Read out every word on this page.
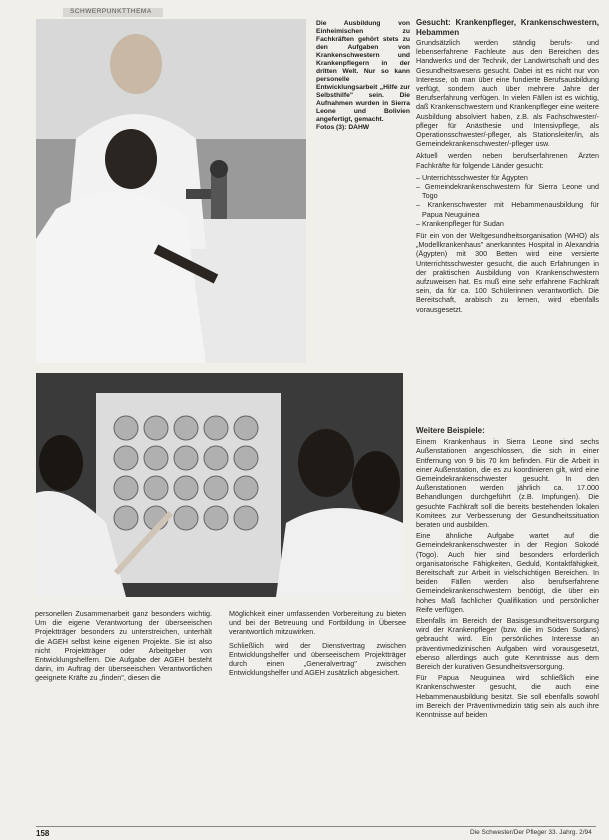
SCHWERPUNKTTHEMA
Die Ausbildung von Einheimischen zu Fachkräften gehört stets zu den Aufgaben von Krankenschwestern und Krankenpflegern in der dritten Welt. Nur so kann personelle Entwicklungsarbeit „Hilfe zur Selbsthilfe" sein. Die Aufnahmen wurden in Sierra Leone und Bolivien angefertigt, gemacht.
Fotos (3): DAHW
Gesucht: Krankenpfleger, Krankenschwestern, Hebammen

Grundsätzlich werden ständig berufs- und lebenserfahrene Fachleute aus den Bereichen des Handwerks und der Technik, der Landwirtschaft und des Gesundheitswesens gesucht. Dabei ist es nicht nur von Interesse, ob man über eine fundierte Berufsausbildung verfügt, sondern auch über mehrere Jahre der Berufserfahrung verfügen. In vielen Fällen ist es wichtig, daß Krankenschwestern und Krankenpfleger eine weitere Ausbildung absolviert haben, z.B. als Fachschwester/-pfleger für Anästhesie und Intensivpflege, als Operationsschwester/-pfleger, als Stationsleiter/in, als Gemeindekrankenschwester/-pfleger usw.

Aktuell werden neben berufserfahrenen Ärzten Fachkräfte für folgende Länder gesucht:

– Unterrichtsschwester für Ägypten
– Gemeindekrankenschwestern für Sierra Leone und Togo
– Krankenschwester mit Hebammenausbildung für Papua Neuguinea
– Krankenpfleger für Sudan

Für ein von der Weltgesundheitsorganisation (WHO) als „Modellkrankenhaus" anerkanntes Hospital in Alexandria (Ägypten) mit 300 Betten wird eine versierte Unterrichtsschwester gesucht, die auch Erfahrungen in der praktischen Ausbildung von Krankenschwestern aufzuweisen hat. Es muß eine sehr erfahrene Fachkraft sein, da für ca. 100 Schülerinnen verantwortlich. Die Bereitschaft, arabisch zu lernen, wird ebenfalls vorausgesetzt.

Weitere Beispiele:

Einem Krankenhaus in Sierra Leone sind sechs Außenstationen angeschlossen, die sich in einer Entfernung von 9 bis 70 km befinden. Für die Arbeit in einer Außenstation, die es zu koordinieren gilt, wird eine Gemeindekrankenschwester gesucht. In den Außenstationen werden jährlich ca. 17.000 Behandlungen durchgeführt (z.B. Impfungen). Die gesuchte Fachkraft soll die bereits bestehenden lokalen Komitees zur Verbesserung der Gesundheitssituation beraten und ausbilden.

Eine ähnliche Aufgabe wartet auf die Gemeindekrankenschwester in der Region Sokodé (Togo). Auch hier sind besonders erforderlich organisatorische Fähigkeiten, Geduld, Kontaktfähigkeit, Bereitschaft zur Arbeit in vielschichtigen Bereichen. In beiden Fällen werden also berufserfahrene Gemeindekrankenschwestern benötigt, die über ein hohes Maß fachlicher Qualifikation und persönlicher Reife verfügen.

Ebenfalls im Bereich der Basisgesundheitsversorgung wird der Krankenpfleger (bzw. die im Süden Sudans) gebraucht wird. Ein persönliches Interesse an präventivmedizinischen Aufgaben wird vorausgesetzt, ebenso allerdings auch gute Kenntnisse aus dem Bereich der kurativen Gesundheitsversorgung.

Für Papua Neuguinea wird schließlich eine Krankenschwester gesucht, die auch eine Hebammenausbildung besitzt. Sie soll ebenfalls sowohl im Bereich der Präventivmedizin tätig sein als auch ihre Kenntnisse auf beiden

personellen Zusammenarbeit ganz besonders wichtig. Um die eigene Verantwortung der überseeischen Projektträger besonders zu unterstreichen, unterhält die AGEH selbst keine eigenen Projekte. Sie ist also nicht Projektträger oder Arbeitgeber von Entwicklungshelfern. Die Aufgabe der AGEH besteht darin, im Auftrag der überseeischen Verantwortlichen geeignete Kräfte zu „finden", diesen die

Möglichkeit einer umfassenden Vorbereitung zu bieten und bei der Betreuung und Fortbildung in Übersee verantwortlich mitzuwirken.

Schließlich wird der Dienstvertrag zwischen Entwicklungshelfer und überseeischem Projektträger durch einen „Generalvertrag" zwischen Entwicklungshelfer und AGEH zusätzlich abgesichert.

158	Die Schwester/Der Pfleger 33. Jahrg. 2/94
